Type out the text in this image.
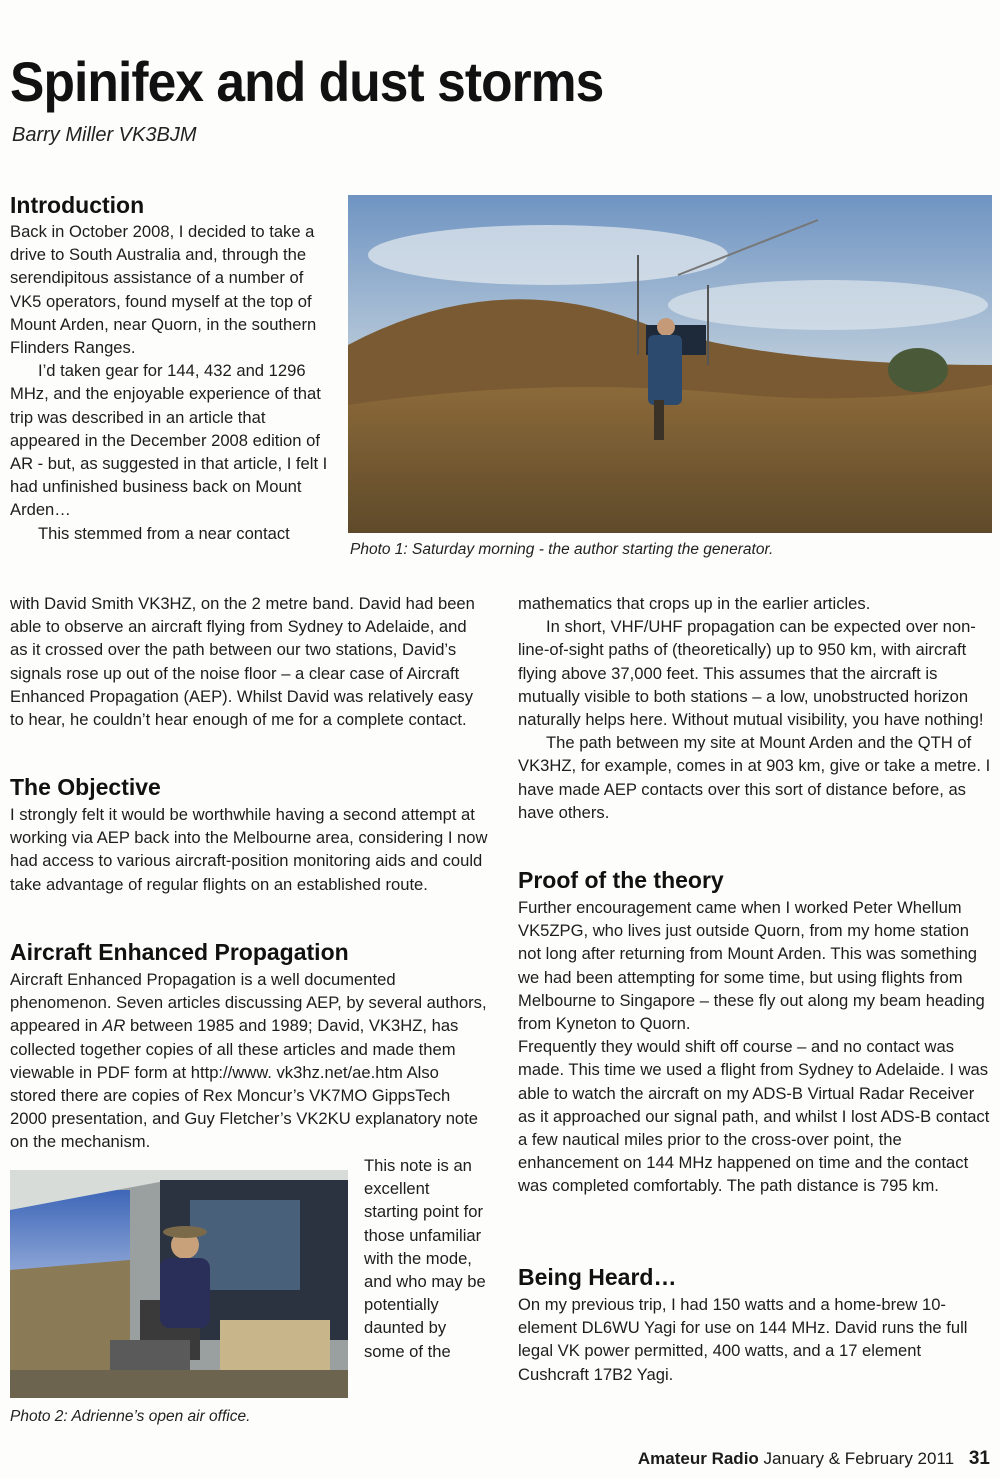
Spinifex and dust storms
Barry Miller VK3BJM
Introduction

Back in October 2008, I decided to take a drive to South Australia and, through the serendipitous assistance of a number of VK5 operators, found myself at the top of Mount Arden, near Quorn, in the southern Flinders Ranges.

I’d taken gear for 144, 432 and 1296 MHz, and the enjoyable experience of that trip was described in an article that appeared in the December 2008 edition of AR - but, as suggested in that article, I felt I had unfinished business back on Mount Arden…

This stemmed from a near contact

with David Smith VK3HZ, on the 2 metre band. David had been able to observe an aircraft flying from Sydney to Adelaide, and as it crossed over the path between our two stations, David’s signals rose up out of the noise floor – a clear case of Aircraft Enhanced Propagation (AEP). Whilst David was relatively easy to hear, he couldn’t hear enough of me for a complete contact.

The Objective

I strongly felt it would be worthwhile having a second attempt at working via AEP back into the Melbourne area, considering I now had access to various aircraft-position monitoring aids and could take advantage of regular flights on an established route.

Aircraft Enhanced Propagation

Aircraft Enhanced Propagation is a well documented phenomenon. Seven articles discussing AEP, by several authors, appeared in AR between 1985 and 1989; David, VK3HZ, has collected together copies of all these articles and made them viewable in PDF form at http://www. vk3hz.net/ae.htm Also stored there are copies of Rex Moncur’s VK7MO GippsTech 2000 presentation, and Guy Fletcher’s VK2KU explanatory note on the mechanism.

This note is an excellent starting point for those unfamiliar with the mode, and who may be potentially daunted by some of the

Photo 2: Adrienne’s open air office.
Photo 1: Saturday morning - the author starting the generator.

mathematics that crops up in the earlier articles.

In short, VHF/UHF propagation can be expected over non-line-of-sight paths of (theoretically) up to 950 km, with aircraft flying above 37,000 feet. This assumes that the aircraft is mutually visible to both stations – a low, unobstructed horizon naturally helps here. Without mutual visibility, you have nothing!

The path between my site at Mount Arden and the QTH of VK3HZ, for example, comes in at 903 km, give or take a metre. I have made AEP contacts over this sort of distance before, as have others.

Proof of the theory

Further encouragement came when I worked Peter Whellum VK5ZPG, who lives just outside Quorn, from my home station not long after returning from Mount Arden. This was something we had been attempting for some time, but using flights from Melbourne to Singapore – these fly out along my beam heading from Kyneton to Quorn.

Frequently they would shift off course – and no contact was made. This time we used a flight from Sydney to Adelaide. I was able to watch the aircraft on my ADS-B Virtual Radar Receiver as it approached our signal path, and whilst I lost ADS-B contact a few nautical miles prior to the cross-over point, the enhancement on 144 MHz happened on time and the contact was completed comfortably. The path distance is 795 km.

Being Heard…

On my previous trip, I had 150 watts and a home-brew 10-element DL6WU Yagi for use on 144 MHz. David runs the full legal VK power permitted, 400 watts, and a 17 element Cushcraft 17B2 Yagi.

Amateur Radio January & February 2011 31
